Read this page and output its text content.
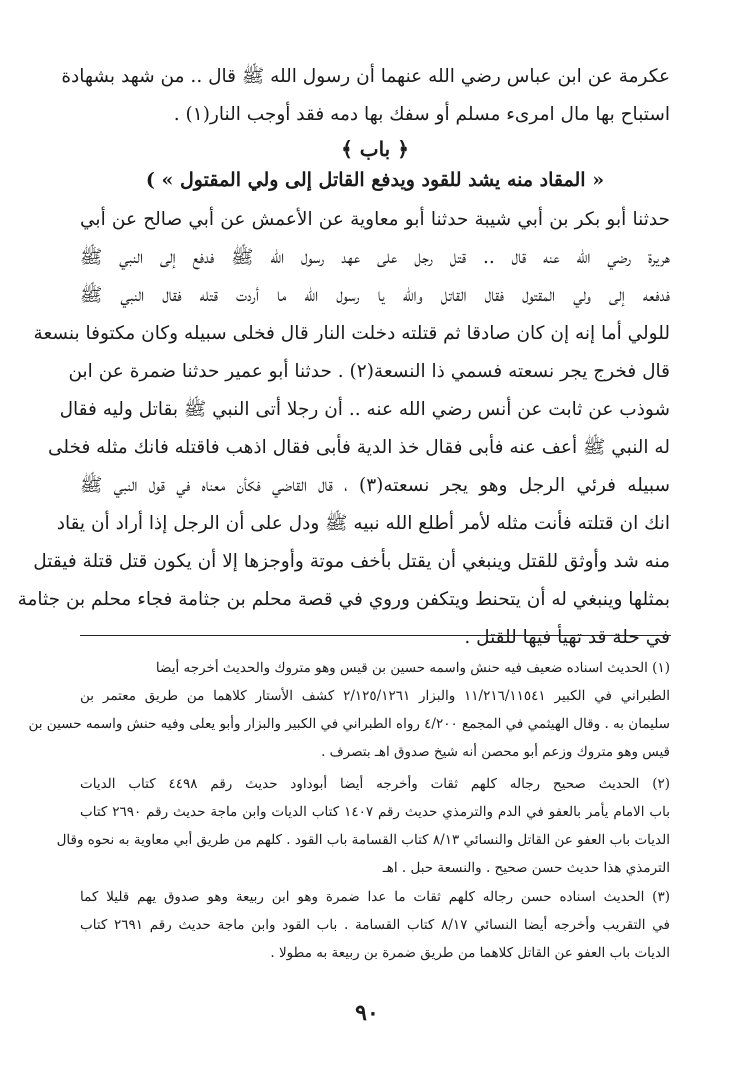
عكرمة عن ابن عباس رضي الله عنهما أن رسول الله ﷺ قال .. من شهد بشهادة
استباح بها مال امرىء مسلم أو سفك بها دمه فقد أوجب النار(١) .
﴿ باب ﴾
« المقاد منه يشد للقود ويدفع القاتل إلى ولي المقتول » )
حدثنا أبو بكر بن أبي شيبة حدثنا أبو معاوية عن الأعمش عن أبي صالح عن أبي
هريرة رضي الله عنه قال .. قتل رجل على عهد رسول الله ﷺ فدفع إلى النبي ﷺ
فدفعه إلى ولي المقتول فقال القاتل والله يا رسول الله ما أردت قتله فقال النبي ﷺ
للولي أما إنه إن كان صادقا ثم قتلته دخلت النار قال فخلى سبيله وكان مكتوفا بنسعة
قال فخرج يجر نسعته فسمي ذا النسعة(٢) . حدثنا أبو عمير حدثنا ضمرة عن ابن
شوذب عن ثابت عن أنس رضي الله عنه .. أن رجلا أتى النبي ﷺ بقاتل وليه فقال
له النبي ﷺ أعف عنه فأبى فقال خذ الدية فأبى فقال اذهب فاقتله فانك مثله فخلى
سبيله فرئي الرجل وهو يجر نسعته(٣) ، قال القاضي فكأن معناه في قول النبي ﷺ
انك ان قتلته فأنت مثله لأمر أطلع الله نبيه ﷺ ودل على أن الرجل إذا أراد أن يقاد
منه شد وأوثق للقتل وينبغي أن يقتل بأخف موتة وأوجزها إلا أن يكون قتل قتلة فيقتل
بمثلها وينبغي له أن يتحنط ويتكفن وروي في قصة محلم بن جثامة فجاء محلم بن جثامة
في حلة قد تهيأ فيها للقتل .
(١) الحديث اسناده ضعيف فيه حنش واسمه حسين بن قيس وهو متروك والحديث أخرجه أيضا
الطبراني في الكبير ١١/٢١٦/١١٥٤١ والبزار ٢/١٢٥/١٢٦١ كشف الأستار كلاهما من طريق معتمر بن
سليمان به . وقال الهيثمي في المجمع ٤/٢٠٠ رواه الطبراني في الكبير والبزار وأبو يعلى وفيه حنش واسمه حسين بن
قيس وهو متروك وزعم أبو محصن أنه شيخ صدوق اهـ بتصرف .
(٢) الحديث صحيح رجاله كلهم ثقات وأخرجه أيضا أبوداود حديث رقم ٤٤٩٨ كتاب الديات
باب الامام يأمر بالعفو في الدم والترمذي حديث رقم ١٤٠٧ كتاب الديات وابن ماجة حديث رقم ٢٦٩٠ كتاب
الديات باب العفو عن القاتل والنسائي ٨/١٣ كتاب القسامة باب القود . كلهم من طريق أبي معاوية به نحوه وقال
الترمذي هذا حديث حسن صحيح . والنسعة حبل . اهـ
(٣) الحديث اسناده حسن رجاله كلهم ثقات ما عدا ضمرة وهو ابن ربيعة وهو صدوق يهم قليلا كما
في التقريب وأخرجه أيضا النسائي ٨/١٧ كتاب القسامة . باب القود وابن ماجة حديث رقم ٢٦٩١ كتاب
الديات باب العفو عن القاتل كلاهما من طريق ضمرة بن ربيعة به مطولا .
٩٠
